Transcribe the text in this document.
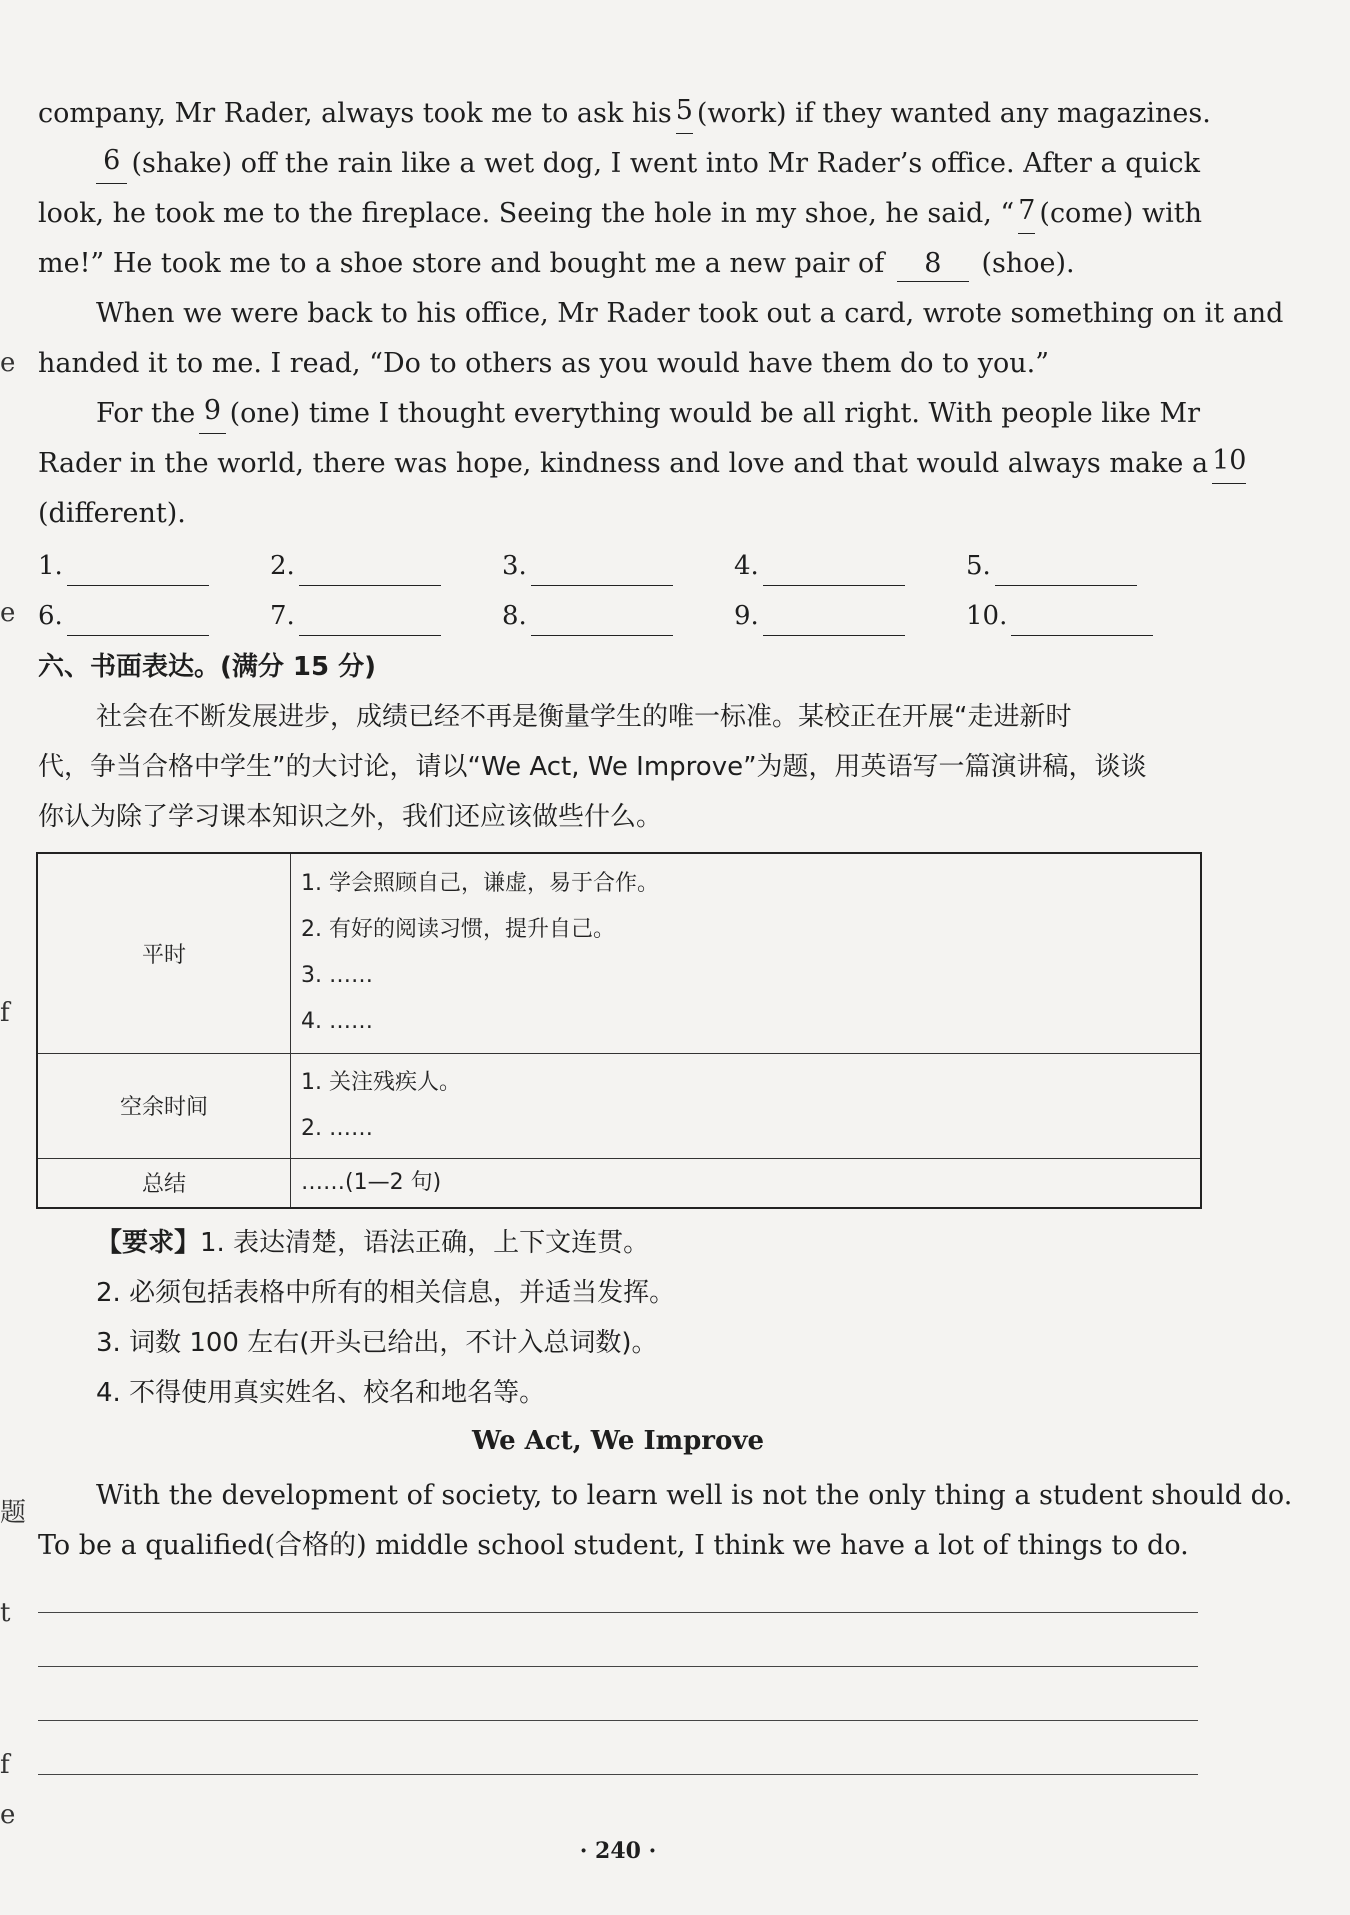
e
e
f
题
t
f
e
company, Mr Rader, always took me to ask his 5 (work) if they wanted any magazines.
6 (shake) off the rain like a wet dog, I went into Mr Rader’s office. After a quick
look, he took me to the fireplace. Seeing the hole in my shoe, he said, “ 7 (come) with
me!” He took me to a shoe store and bought me a new pair of 8 (shoe).
When we were back to his office, Mr Rader took out a card, wrote something on it and
handed it to me. I read, “Do to others as you would have them do to you.”
For the 9 (one) time I thought everything would be all right. With people like Mr
Rader in the world, there was hope, kindness and love and that would always make a 10
(different).
1.	2.	3.	4.	5.
6.	7.	8.	9.	10.
六、书面表达。(满分 15 分)
社会在不断发展进步，成绩已经不再是衡量学生的唯一标准。某校正在开展“走进新时
代，争当合格中学生”的大讨论，请以“We Act, We Improve”为题，用英语写一篇演讲稿，谈谈
你认为除了学习课本知识之外，我们还应该做些什么。
平时	1. 学会照顾自己，谦虚，易于合作。
2. 有好的阅读习惯，提升自己。
3. ……
4. ……

空余时间	1. 关注残疾人。
2. ……

总结	……(1—2 句)
【要求】1. 表达清楚，语法正确，上下文连贯。
2. 必须包括表格中所有的相关信息，并适当发挥。
3. 词数 100 左右(开头已给出，不计入总词数)。
4. 不得使用真实姓名、校名和地名等。
We Act, We Improve
With the development of society, to learn well is not the only thing a student should do.
To be a qualified(合格的) middle school student, I think we have a lot of things to do.
· 240 ·
